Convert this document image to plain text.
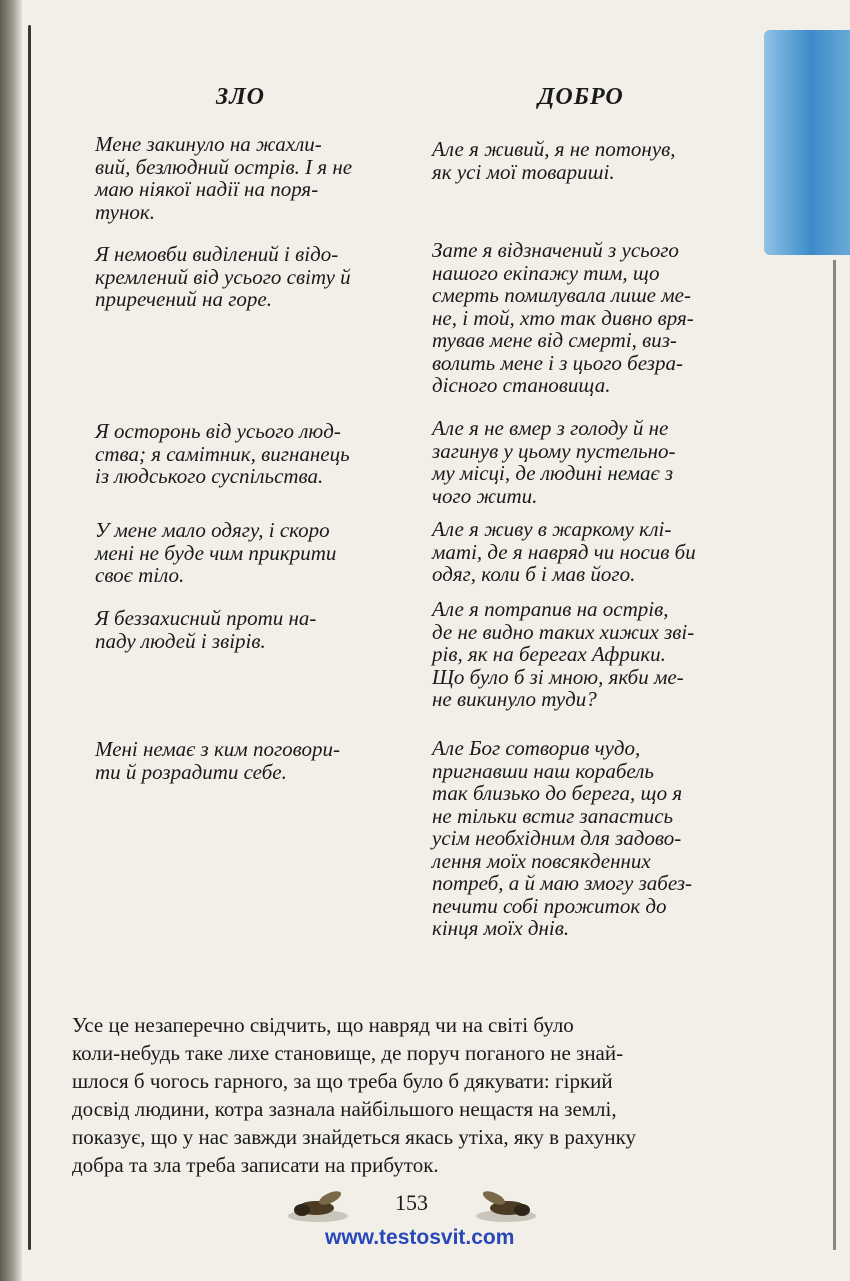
ЗЛО	ДОБРО
Мене закинуло на жахли-
вий, безлюдний острів. І я не
маю ніякої надії на поря-
тунок.
Я немовби виділений і відо-
кремлений від усього світу й
приречений на горе.
Я осторонь від усього люд-
ства; я самітник, вигнанець
із людського суспільства.
У мене мало одягу, і скоро
мені не буде чим прикрити
своє тіло.
Я беззахисний проти на-
паду людей і звірів.
Мені немає з ким поговори-
ти й розрадити себе.
Але я живий, я не потонув,
як усі мої товариші.
Зате я відзначений з усього
нашого екіпажу тим, що
смерть помилувала лише ме-
не, і той, хто так дивно вря-
тував мене від смерті, виз-
волить мене і з цього безра-
дісного становища.
Але я не вмер з голоду й не
загинув у цьому пустельно-
му місці, де людині немає з
чого жити.
Але я живу в жаркому клі-
маті, де я навряд чи носив би
одяг, коли б і мав його.
Але я потрапив на острів,
де не видно таких хижих звi-
рів, як на берегах Африки.
Що було б зі мною, якби ме-
не викинуло туди?
Але Бог сотворив чудо,
пригнавши наш корабель
так близько до берега, що я
не тільки встиг запастись
усім необхідним для задово-
лення моїх повсякденних
потреб, а й маю змогу забез-
печити собі прожиток до
кінця моїх днів.
Усе це незаперечно свідчить, що навряд чи на світі було
коли-небудь таке лихе становище, де поруч поганого не знай-
шлося б чогось гарного, за що треба було б дякувати: гіркий
досвід людини, котра зазнала найбільшого нещастя на землі,
показує, що у нас завжди знайдеться якась утіха, яку в рахунку
добра та зла треба записати на прибуток.
153
www.testosvit.com
